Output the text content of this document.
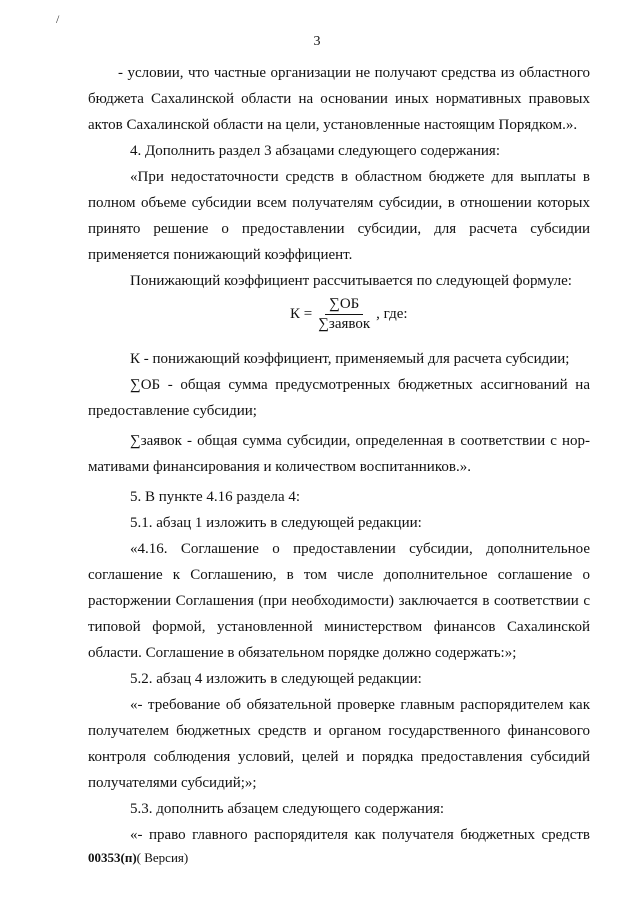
/
3
- условии, что частные организации не получают средства из областного
бюджета Сахалинской области на основании иных нормативных правовых
актов Сахалинской области на цели, установленные настоящим Порядком.».
4. Дополнить раздел 3 абзацами следующего содержания:
«При недостаточности средств в областном бюджете для выплаты в
полном объеме субсидии всем получателям субсидии, в отношении которых
принято решение о предоставлении субсидии, для расчета субсидии
применяется понижающий коэффициент.
Понижающий коэффициент рассчитывается по следующей формуле:
$К = \frac{\sum ОБ}{\text{∑заявок}}$ , где:
К - понижающий коэффициент, применяемый для расчета субсидии;
∑ОБ - общая сумма предусмотренных бюджетных ассигнований на
предоставление субсидии;
∑заявок - общая сумма субсидии, определенная в соответствии с нор-
мативами финансирования и количеством воспитанников.».
5. В пункте 4.16 раздела 4:
5.1. абзац 1 изложить в следующей редакции:
«4.16. Соглашение о предоставлении субсидии, дополнительное
соглашение к Соглашению, в том числе дополнительное соглашение о
расторжении Соглашения (при необходимости) заключается в соответствии с
типовой формой, установленной министерством финансов Сахалинской
области. Соглашение в обязательном порядке должно содержать:»;
5.2. абзац 4 изложить в следующей редакции:
«- требование об обязательной проверке главным распорядителем как
получателем бюджетных средств и органом государственного финансового
контроля соблюдения условий, целей и порядка предоставления субсидий
получателями субсидий;»;
5.3. дополнить абзацем следующего содержания:
«- право главного распорядителя как получателя бюджетных средств
00353(п)( Версия)
